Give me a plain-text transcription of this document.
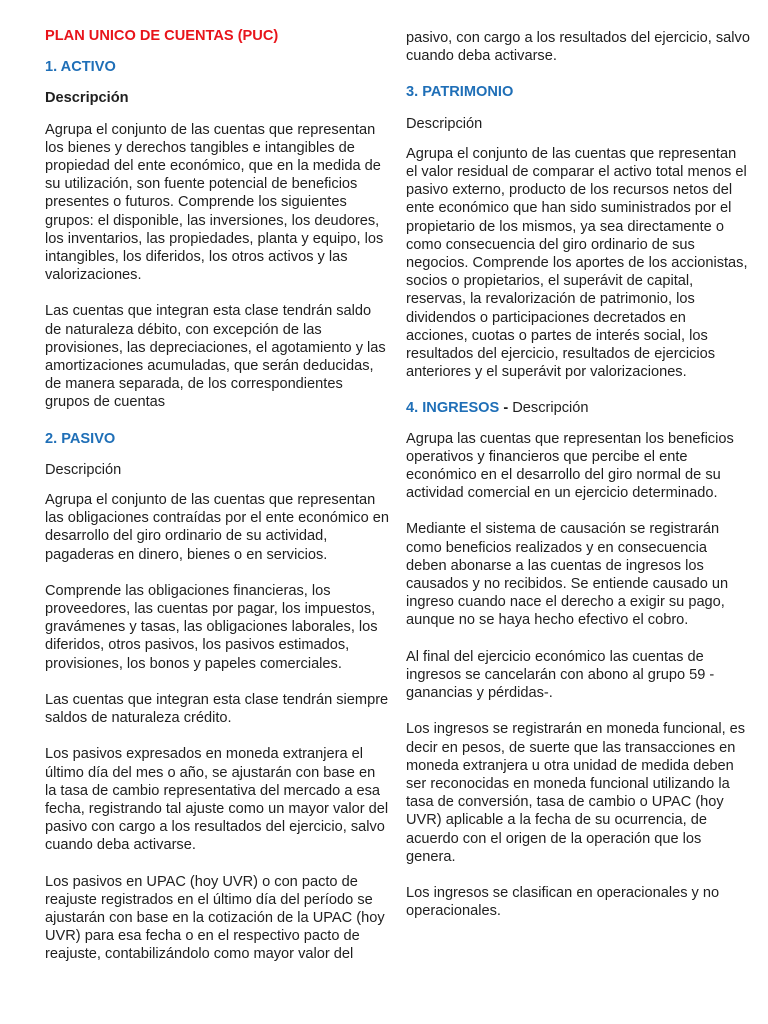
PLAN UNICO DE CUENTAS (PUC)

1. ACTIVO

Descripción

Agrupa el conjunto de las cuentas que representan los bienes y derechos tangibles e intangibles de propiedad del ente económico, que en la medida de su utilización, son fuente potencial de beneficios presentes o futuros. Comprende los siguientes grupos: el disponible, las inversiones, los deudores, los inventarios, las propiedades, planta y equipo, los intangibles, los diferidos, los otros activos y las valorizaciones.

Las cuentas que integran esta clase tendrán saldo de naturaleza débito, con excepción de las provisiones, las depreciaciones, el agotamiento y las amortizaciones acumuladas, que serán deducidas, de manera separada, de los correspondientes grupos de cuentas

2. PASIVO

Descripción

Agrupa el conjunto de las cuentas que representan las obligaciones contraídas por el ente económico en desarrollo del giro ordinario de su actividad, pagaderas en dinero, bienes o en servicios.

Comprende las obligaciones financieras, los proveedores, las cuentas por pagar, los impuestos, gravámenes y tasas, las obligaciones laborales, los diferidos, otros pasivos, los pasivos estimados, provisiones, los bonos y papeles comerciales.

Las cuentas que integran esta clase tendrán siempre saldos de naturaleza crédito.

Los pasivos expresados en moneda extranjera el último día del mes o año, se ajustarán con base en la tasa de cambio representativa del mercado a esa fecha, registrando tal ajuste como un mayor valor del pasivo con cargo a los resultados del ejercicio, salvo cuando deba activarse.

Los pasivos en UPAC (hoy UVR) o con pacto de reajuste registrados en el último día del período se ajustarán con base en la cotización de la UPAC (hoy UVR) para esa fecha o en el respectivo pacto de reajuste, contabilizándolo como mayor valor del

pasivo, con cargo a los resultados del ejercicio, salvo cuando deba activarse.

3. PATRIMONIO

Descripción

Agrupa el conjunto de las cuentas que representan el valor residual de comparar el activo total menos el pasivo externo, producto de los recursos netos del ente económico que han sido suministrados por el propietario de los mismos, ya sea directamente o como consecuencia del giro ordinario de sus negocios. Comprende los aportes de los accionistas, socios o propietarios, el superávit de capital, reservas, la revalorización de patrimonio, los dividendos o participaciones decretados en acciones, cuotas o partes de interés social, los resultados del ejercicio, resultados de ejercicios anteriores y el superávit por valorizaciones.

4. INGRESOS - Descripción

Agrupa las cuentas que representan los beneficios operativos y financieros que percibe el ente económico en el desarrollo del giro normal de su actividad comercial en un ejercicio determinado.

Mediante el sistema de causación se registrarán como beneficios realizados y en consecuencia deben abonarse a las cuentas de ingresos los causados y no recibidos. Se entiende causado un ingreso cuando nace el derecho a exigir su pago, aunque no se haya hecho efectivo el cobro.

Al final del ejercicio económico las cuentas de ingresos se cancelarán con abono al grupo 59 - ganancias y pérdidas-.

Los ingresos se registrarán en moneda funcional, es decir en pesos, de suerte que las transacciones en moneda extranjera u otra unidad de medida deben ser reconocidas en moneda funcional utilizando la tasa de conversión, tasa de cambio o UPAC (hoy UVR) aplicable a la fecha de su ocurrencia, de acuerdo con el origen de la operación que los genera.

Los ingresos se clasifican en operacionales y no operacionales.
